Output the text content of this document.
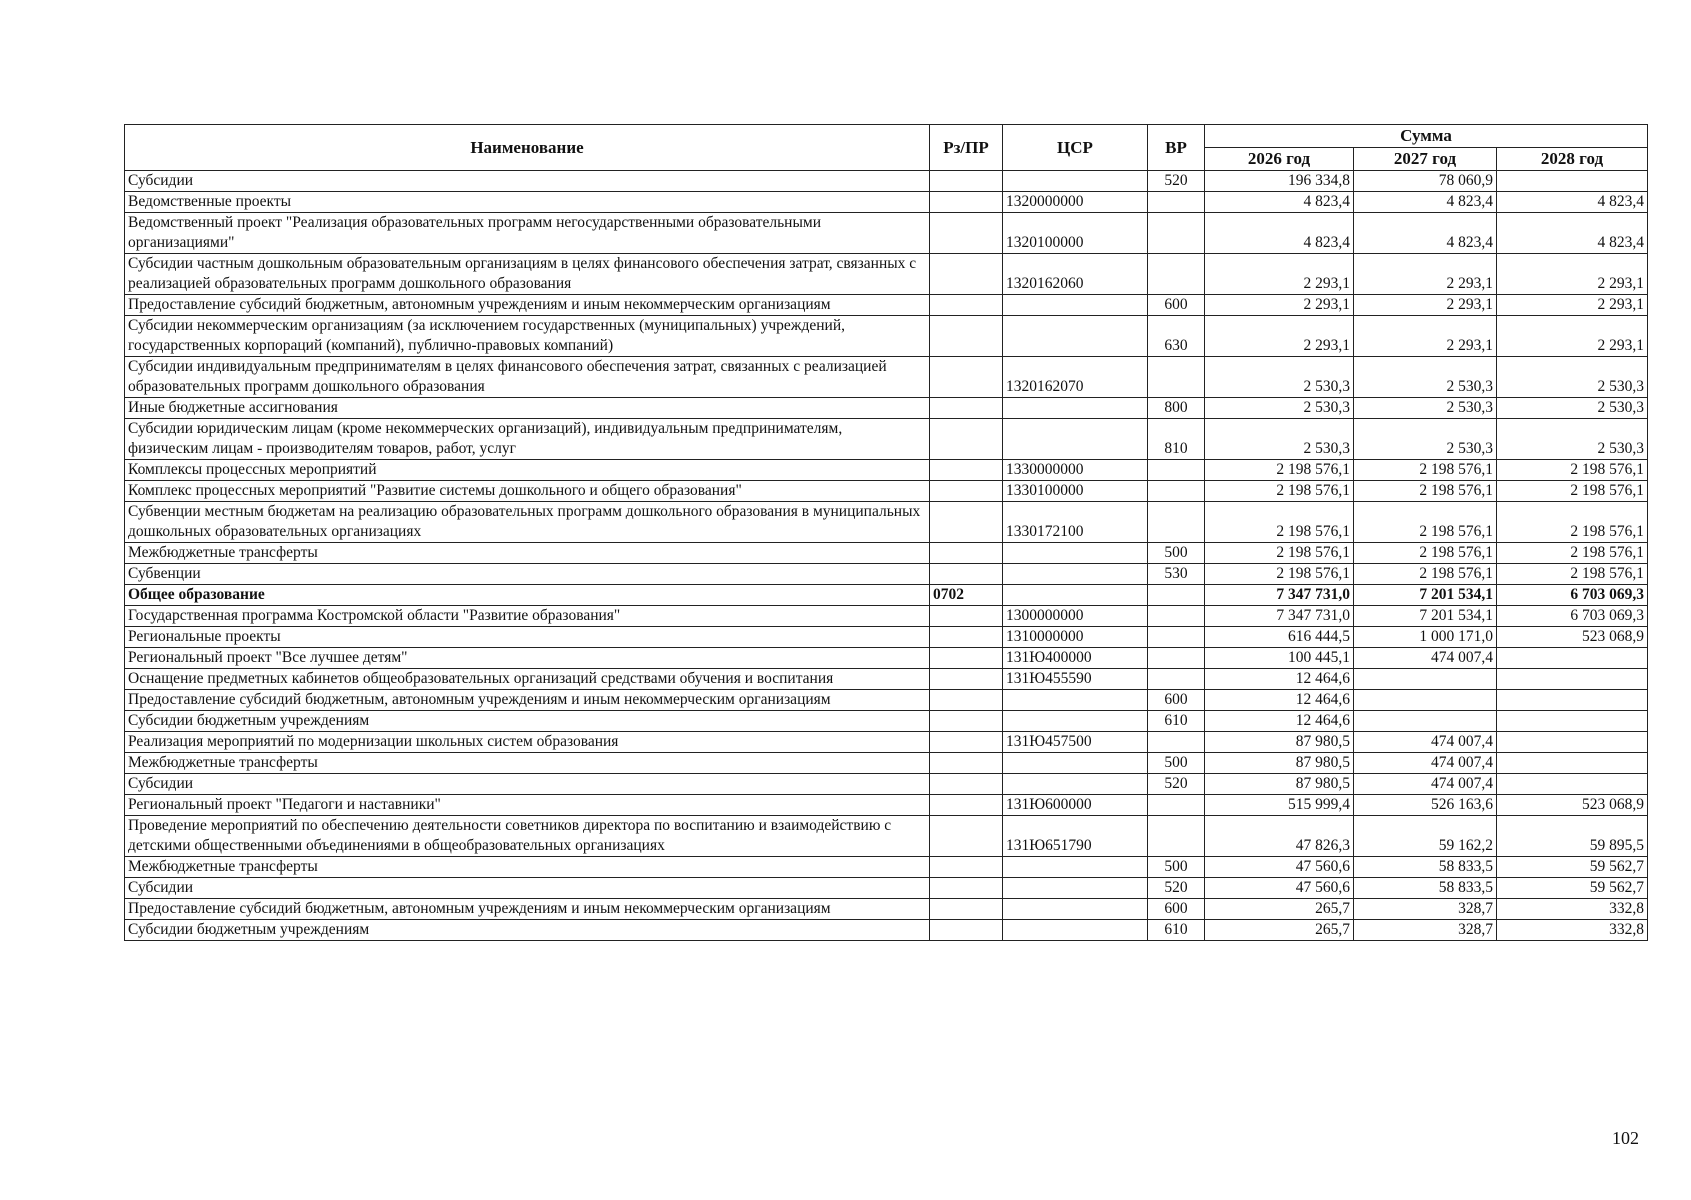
Наименование	Рз/ПР	ЦСР	ВР	Сумма		
				2026 год	2027 год	2028 год
Субсидии			520	196 334,8	78 060,9	
Ведомственные проекты		1320000000		4 823,4	4 823,4	4 823,4
Ведомственный проект "Реализация образовательных программ негосударственными образовательными организациями"		1320100000		4 823,4	4 823,4	4 823,4
Субсидии частным дошкольным образовательным организациям в целях финансового обеспечения затрат, связанных с реализацией образовательных программ дошкольного образования		1320162060		2 293,1	2 293,1	2 293,1
Предоставление субсидий бюджетным, автономным учреждениям и иным некоммерческим организациям			600	2 293,1	2 293,1	2 293,1
Субсидии некоммерческим организациям (за исключением государственных (муниципальных) учреждений, государственных корпораций (компаний), публично-правовых компаний)			630	2 293,1	2 293,1	2 293,1
Субсидии индивидуальным предпринимателям в целях финансового обеспечения затрат, связанных с реализацией образовательных программ дошкольного образования		1320162070		2 530,3	2 530,3	2 530,3
Иные бюджетные ассигнования			800	2 530,3	2 530,3	2 530,3
Субсидии юридическим лицам (кроме некоммерческих организаций), индивидуальным предпринимателям, физическим лицам - производителям товаров, работ, услуг			810	2 530,3	2 530,3	2 530,3
Комплексы процессных мероприятий		1330000000		2 198 576,1	2 198 576,1	2 198 576,1
Комплекс процессных мероприятий "Развитие системы дошкольного и общего образования"		1330100000		2 198 576,1	2 198 576,1	2 198 576,1
Субвенции местным бюджетам на реализацию образовательных программ дошкольного образования в муниципальных дошкольных образовательных организациях		1330172100		2 198 576,1	2 198 576,1	2 198 576,1
Межбюджетные трансферты			500	2 198 576,1	2 198 576,1	2 198 576,1
Субвенции			530	2 198 576,1	2 198 576,1	2 198 576,1
Общее образование	0702			7 347 731,0	7 201 534,1	6 703 069,3
Государственная программа Костромской области "Развитие образования"		1300000000		7 347 731,0	7 201 534,1	6 703 069,3
Региональные проекты		1310000000		616 444,5	1 000 171,0	523 068,9
Региональный проект "Все лучшее детям"		131Ю400000		100 445,1	474 007,4	
Оснащение предметных кабинетов общеобразовательных организаций средствами обучения и воспитания		131Ю455590		12 464,6		
Предоставление субсидий бюджетным, автономным учреждениям и иным некоммерческим организациям			600	12 464,6		
Субсидии бюджетным учреждениям			610	12 464,6		
Реализация мероприятий по модернизации школьных систем образования		131Ю457500		87 980,5	474 007,4	
Межбюджетные трансферты			500	87 980,5	474 007,4	
Субсидии			520	87 980,5	474 007,4	
Региональный проект "Педагоги и наставники"		131Ю600000		515 999,4	526 163,6	523 068,9
Проведение мероприятий по обеспечению деятельности советников директора по воспитанию и взаимодействию с детскими общественными объединениями в общеобразовательных организациях		131Ю651790		47 826,3	59 162,2	59 895,5
Межбюджетные трансферты			500	47 560,6	58 833,5	59 562,7
Субсидии			520	47 560,6	58 833,5	59 562,7
Предоставление субсидий бюджетным, автономным учреждениям и иным некоммерческим организациям			600	265,7	328,7	332,8
Субсидии бюджетным учреждениям			610	265,7	328,7	332,8
102
